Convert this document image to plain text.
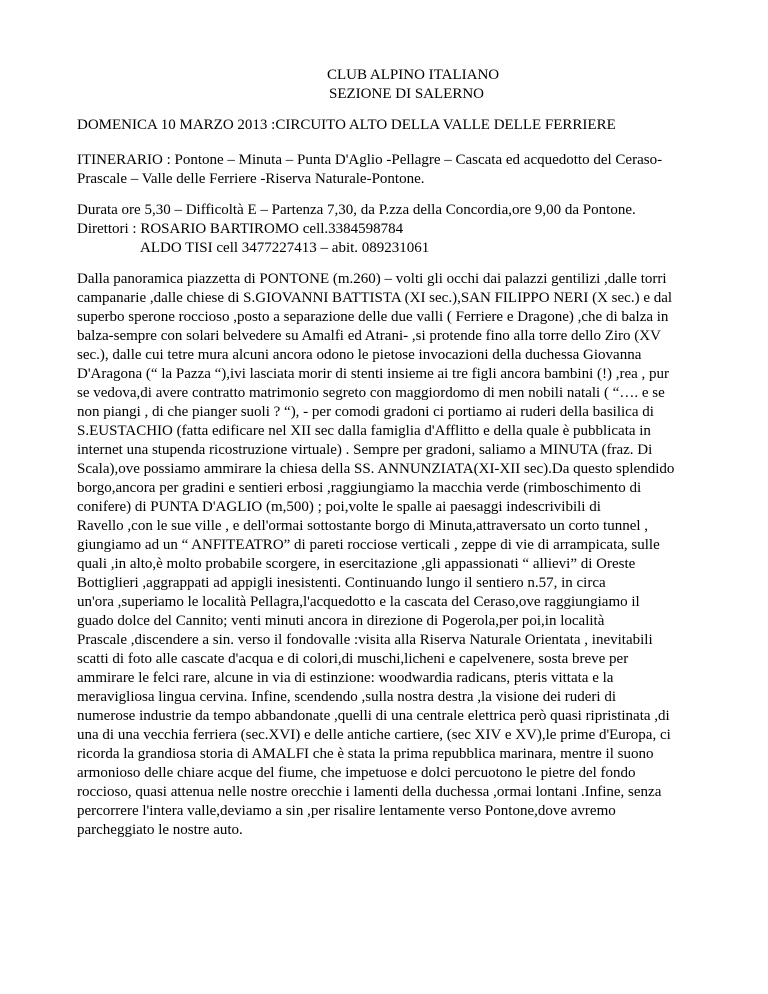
CLUB ALPINO ITALIANO
SEZIONE DI SALERNO
DOMENICA 10 MARZO 2013 :CIRCUITO ALTO DELLA VALLE DELLE FERRIERE
ITINERARIO : Pontone – Minuta – Punta D'Aglio -Pellagre – Cascata ed acquedotto del Ceraso-
Prascale – Valle delle Ferriere -Riserva Naturale-Pontone.
Durata ore 5,30 – Difficoltà E – Partenza 7,30, da P.zza della Concordia,ore 9,00 da Pontone.
Direttori : ROSARIO BARTIROMO cell.3384598784
ALDO TISI cell 3477227413 – abit. 089231061
Dalla panoramica piazzetta di PONTONE (m.260) – volti gli occhi dai palazzi gentilizi ,dalle torri
campanarie ,dalle chiese di S.GIOVANNI BATTISTA (XI sec.),SAN FILIPPO NERI (X sec.) e dal
superbo sperone roccioso ,posto a separazione delle due valli ( Ferriere e Dragone) ,che di balza in
balza-sempre con solari belvedere su Amalfi ed Atrani- ,si protende fino alla torre dello Ziro (XV
sec.), dalle cui tetre mura alcuni ancora odono le pietose invocazioni della duchessa Giovanna
D'Aragona (“ la Pazza “),ivi lasciata morir di stenti insieme ai tre figli ancora bambini (!) ,rea , pur
se vedova,di avere contratto matrimonio segreto con maggiordomo di men nobili natali ( “…. e se
non piangi , di che pianger suoli ? “), - per comodi gradoni ci portiamo ai ruderi della basilica di
S.EUSTACHIO (fatta edificare nel XII sec dalla famiglia d'Afflitto e della quale è pubblicata in
internet una stupenda ricostruzione virtuale) . Sempre per gradoni, saliamo a MINUTA (fraz. Di
Scala),ove possiamo ammirare la chiesa della SS. ANNUNZIATA(XI-XII sec).Da questo splendido
borgo,ancora per gradini e sentieri erbosi ,raggiungiamo la macchia verde (rimboschimento di
conifere) di PUNTA D'AGLIO (m,500) ; poi,volte le spalle ai paesaggi indescrivibili di
Ravello ,con le sue ville , e dell'ormai sottostante borgo di Minuta,attraversato un corto tunnel ,
giungiamo ad un “ ANFITEATRO” di pareti rocciose verticali , zeppe di vie di arrampicata, sulle
quali ,in alto,è molto probabile scorgere, in esercitazione ,gli appassionati “ allievi” di Oreste
Bottiglieri ,aggrappati ad appigli inesistenti. Continuando lungo il sentiero n.57, in circa
un'ora ,superiamo le località Pellagra,l'acquedotto e la cascata del Ceraso,ove raggiungiamo il
guado dolce del Cannito; venti minuti ancora in direzione di Pogerola,per poi,in località
Prascale ,discendere a sin. verso il fondovalle :visita alla Riserva Naturale Orientata , inevitabili
scatti di foto alle cascate d'acqua e di colori,di muschi,licheni e capelvenere, sosta breve per
ammirare le felci rare, alcune in via di estinzione: woodwardia radicans, pteris vittata e la
meravigliosa lingua cervina. Infine, scendendo ,sulla nostra destra ,la visione dei ruderi di
numerose industrie da tempo abbandonate ,quelli di una centrale elettrica però quasi ripristinata ,di
una di una vecchia ferriera (sec.XVI) e delle antiche cartiere, (sec XIV e XV),le prime d'Europa, ci
ricorda la grandiosa storia di AMALFI che è stata la prima repubblica marinara, mentre il suono
armonioso delle chiare acque del fiume, che impetuose e dolci percuotono le pietre del fondo
roccioso, quasi attenua nelle nostre orecchie i lamenti della duchessa ,ormai lontani .Infine, senza
percorrere l'intera valle,deviamo a sin ,per risalire lentamente verso Pontone,dove avremo
parcheggiato le nostre auto.
